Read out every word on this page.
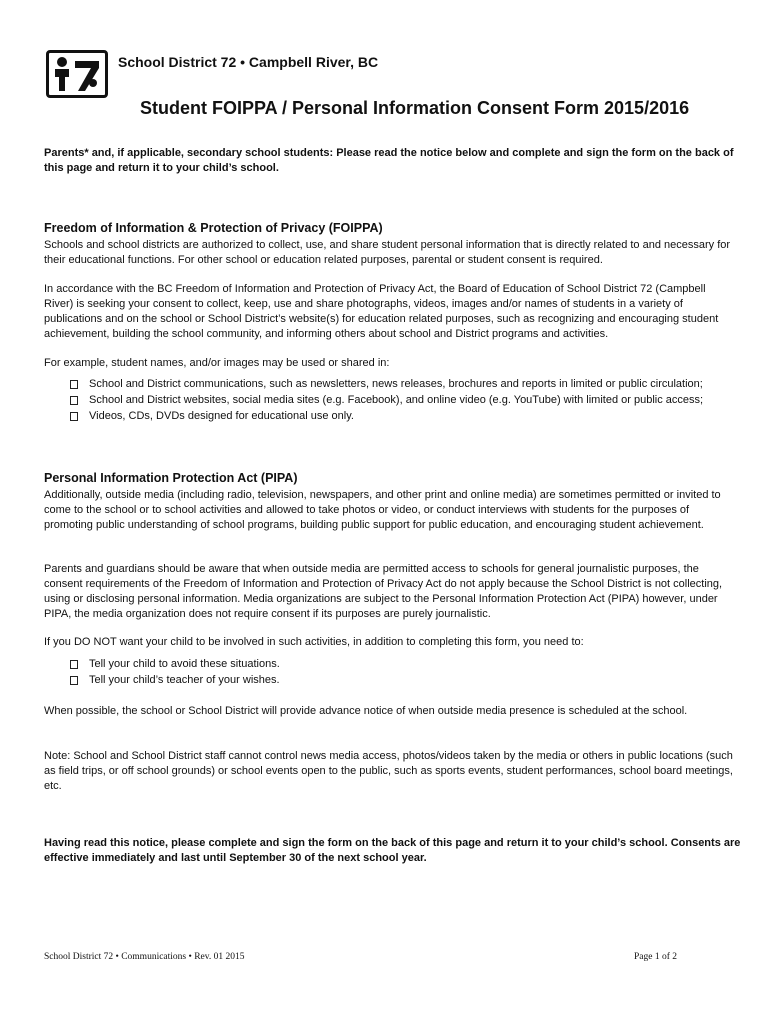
School District 72 • Campbell River, BC
Student FOIPPA / Personal Information Consent Form 2015/2016
Parents* and, if applicable, secondary school students: Please read the notice below and complete and sign the form on the back of this page and return it to your child’s school.
Freedom of Information & Protection of Privacy (FOIPPA)
Schools and school districts are authorized to collect, use, and share student personal information that is directly related to and necessary for their educational functions. For other school or education related purposes, parental or student consent is required.
In accordance with the BC Freedom of Information and Protection of Privacy Act, the Board of Education of School District 72 (Campbell River) is seeking your consent to collect, keep, use and share photographs, videos, images and/or names of students in a variety of publications and on the school or School District’s website(s) for education related purposes, such as recognizing and encouraging student achievement, building the school community, and informing others about school and District programs and activities.
For example, student names, and/or images may be used or shared in:
School and District communications, such as newsletters, news releases, brochures and reports in limited or public circulation;
School and District websites, social media sites (e.g. Facebook), and online video (e.g. YouTube) with limited or public access;
Videos, CDs, DVDs designed for educational use only.
Personal Information Protection Act (PIPA)
Additionally, outside media (including radio, television, newspapers, and other print and online media) are sometimes permitted or invited to come to the school or to school activities and allowed to take photos or video, or conduct interviews with students for the purposes of promoting public understanding of school programs, building public support for public education, and encouraging student achievement.
Parents and guardians should be aware that when outside media are permitted access to schools for general journalistic purposes, the consent requirements of the Freedom of Information and Protection of Privacy Act do not apply because the School District is not collecting, using or disclosing personal information. Media organizations are subject to the Personal Information Protection Act (PIPA) however, under PIPA, the media organization does not require consent if its purposes are purely journalistic.
If you DO NOT want your child to be involved in such activities, in addition to completing this form, you need to:
Tell your child to avoid these situations.
Tell your child’s teacher of your wishes.
When possible, the school or School District will provide advance notice of when outside media presence is scheduled at the school.
Note: School and School District staff cannot control news media access, photos/videos taken by the media or others in public locations (such as field trips, or off school grounds) or school events open to the public, such as sports events, student performances, school board meetings, etc.
Having read this notice, please complete and sign the form on the back of this page and return it to your child’s school. Consents are effective immediately and last until September 30 of the next school year.
School District 72 • Communications • Rev. 01 2015	Page 1 of 2
